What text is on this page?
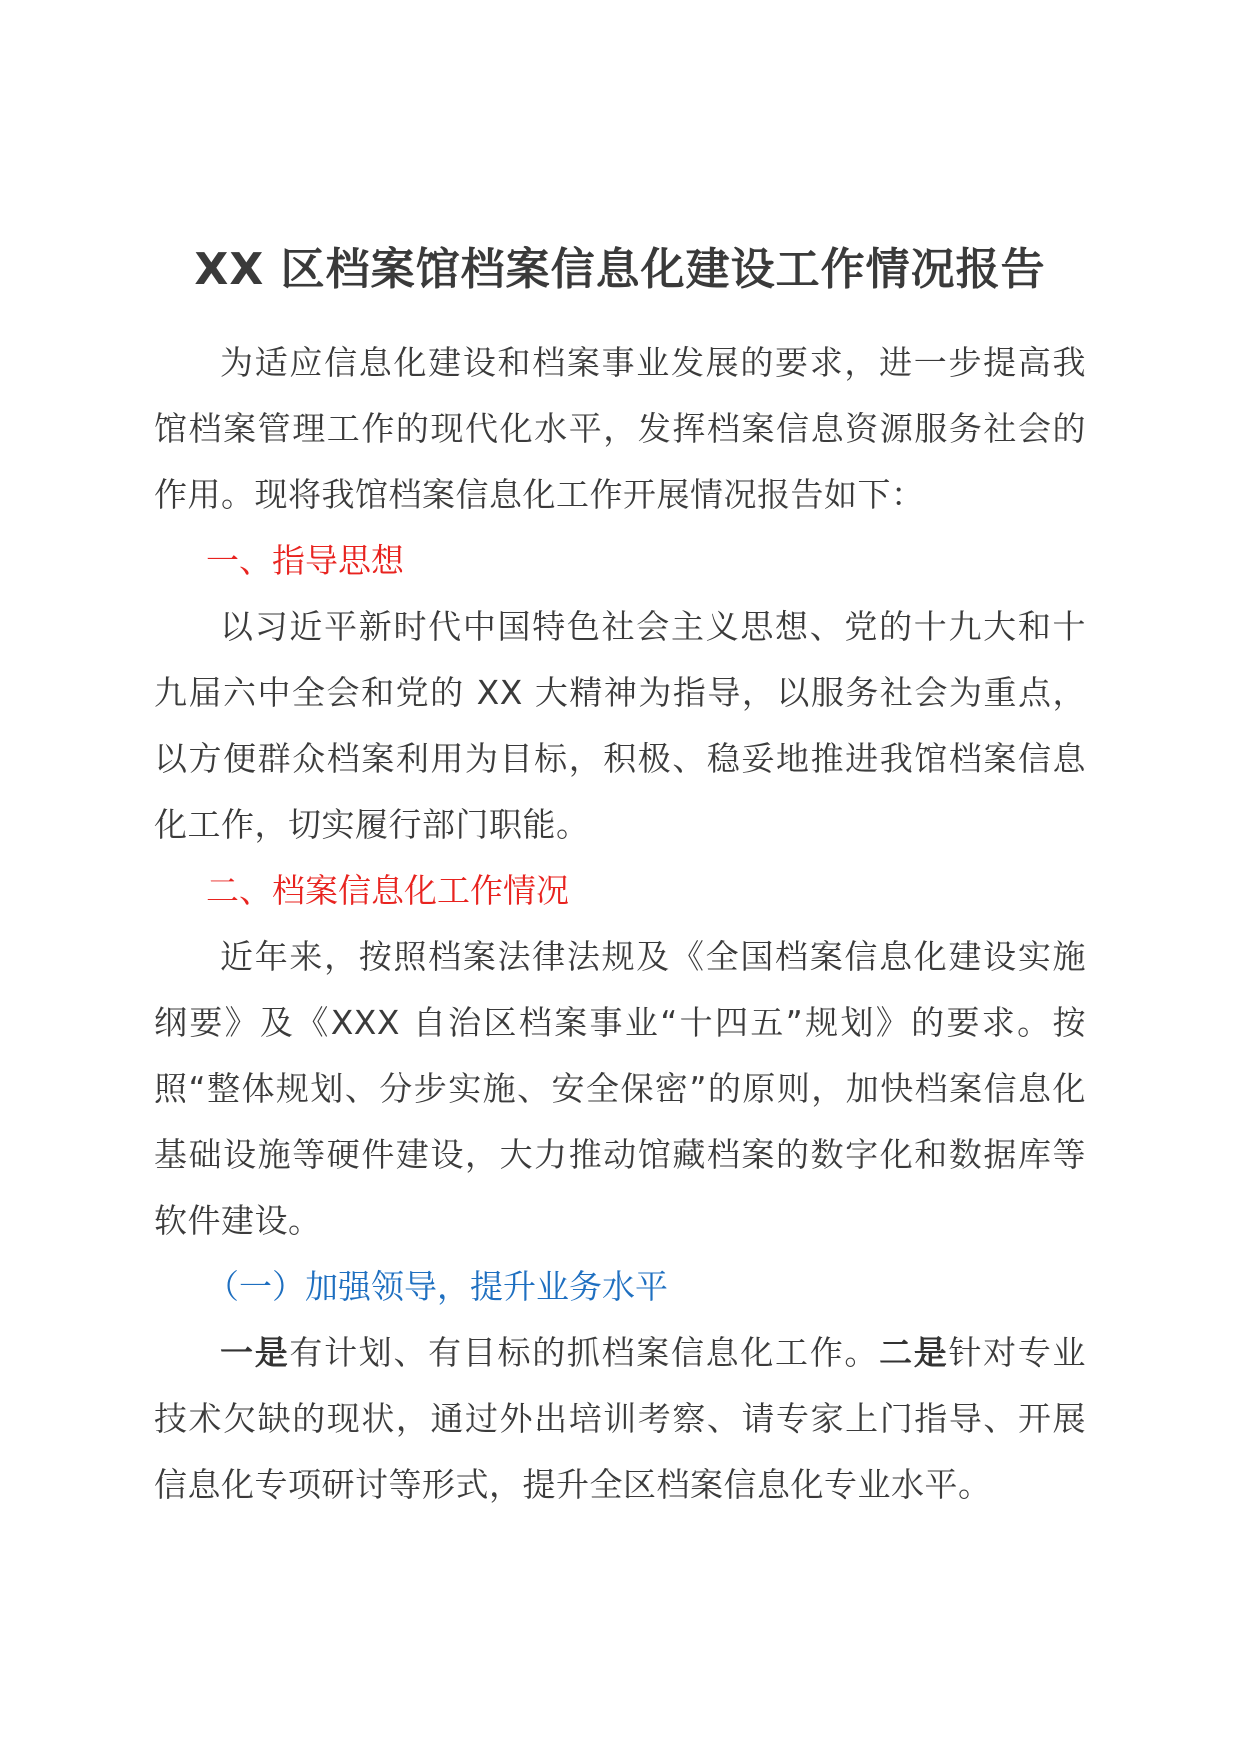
XX 区档案馆档案信息化建设工作情况报告
为适应信息化建设和档案事业发展的要求，进一步提高我馆档案管理工作的现代化水平，发挥档案信息资源服务社会的作用。现将我馆档案信息化工作开展情况报告如下：
一、指导思想
以习近平新时代中国特色社会主义思想、党的十九大和十九届六中全会和党的 XX 大精神为指导，以服务社会为重点，以方便群众档案利用为目标，积极、稳妥地推进我馆档案信息化工作，切实履行部门职能。
二、档案信息化工作情况
近年来，按照档案法律法规及《全国档案信息化建设实施纲要》及《XXX 自治区档案事业“十四五”规划》的要求。按照“整体规划、分步实施、安全保密”的原则，加快档案信息化基础设施等硬件建设，大力推动馆藏档案的数字化和数据库等软件建设。
（一）加强领导，提升业务水平
一是有计划、有目标的抓档案信息化工作。二是针对专业技术欠缺的现状，通过外出培训考察、请专家上门指导、开展信息化专项研讨等形式，提升全区档案信息化专业水平。
